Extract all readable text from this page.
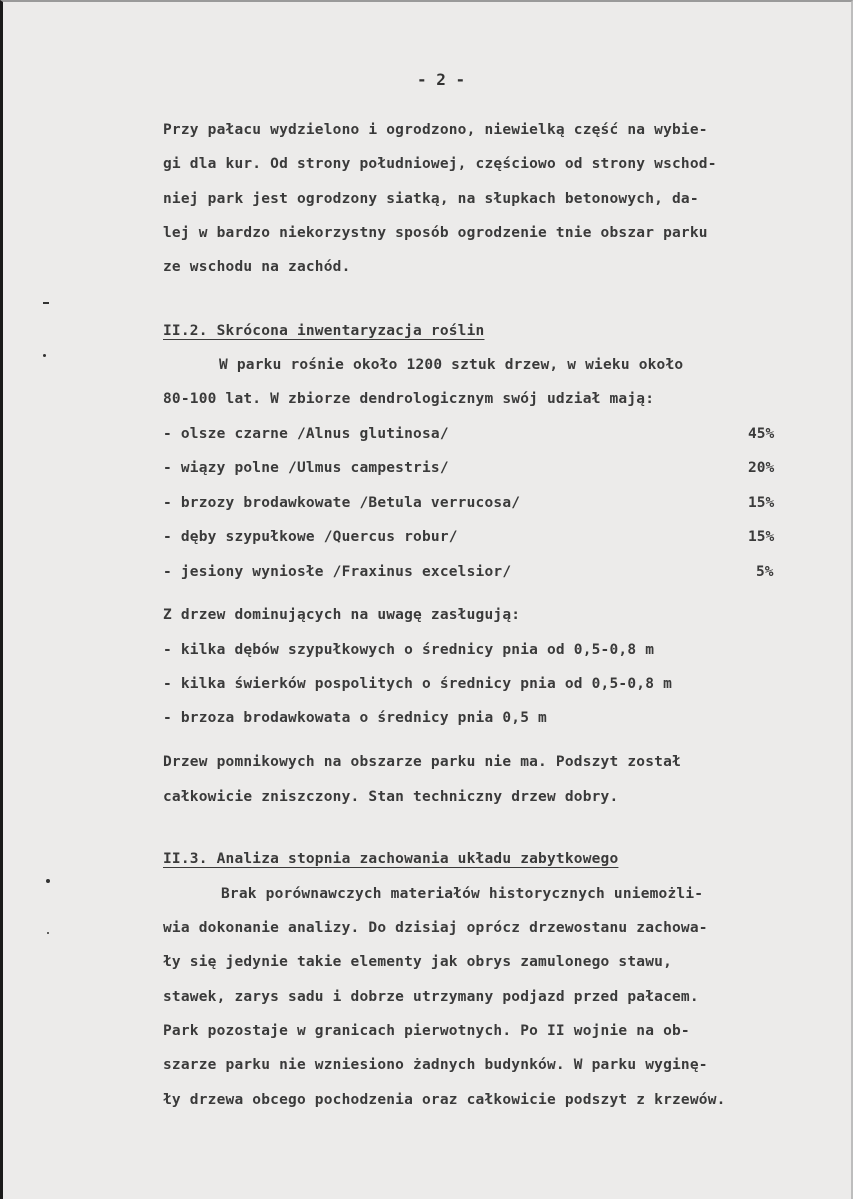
- 2 -
Przy pałacu wydzielono i ogrodzono, niewielką część na wybie-
gi dla kur. Od strony południowej, częściowo od strony wschod-
niej park jest ogrodzony siatką, na słupkach betonowych, da-
lej w bardzo niekorzystny sposób ogrodzenie tnie obszar parku
ze wschodu na zachód.
II.2. Skrócona inwentaryzacja roślin
W parku rośnie około 1200 sztuk drzew, w wieku około
80-100 lat. W zbiorze dendrologicznym swój udział mają:
- olsze czarne /Alnus glutinosa/	45%
- wiązy polne /Ulmus campestris/	20%
- brzozy brodawkowate /Betula verrucosa/	15%
- dęby szypułkowe /Quercus robur/	15%
- jesiony wyniosłe /Fraxinus excelsior/	5%
Z drzew dominujących na uwagę zasługują:
- kilka dębów szypułkowych o średnicy pnia od 0,5-0,8 m
- kilka świerków pospolitych o średnicy pnia od 0,5-0,8 m
- brzoza brodawkowata o średnicy pnia 0,5 m
Drzew pomnikowych na obszarze parku nie ma. Podszyt został
całkowicie zniszczony. Stan techniczny drzew dobry.
II.3. Analiza stopnia zachowania układu zabytkowego
Brak porównawczych materiałów historycznych uniemożli-
wia dokonanie analizy. Do dzisiaj oprócz drzewostanu zachowa-
ły się jedynie takie elementy jak obrys zamulonego stawu,
stawek, zarys sadu i dobrze utrzymany podjazd przed pałacem.
Park pozostaje w granicach pierwotnych. Po II wojnie na ob-
szarze parku nie wzniesiono żadnych budynków. W parku wyginę-
ły drzewa obcego pochodzenia oraz całkowicie podszyt z krzewów.
